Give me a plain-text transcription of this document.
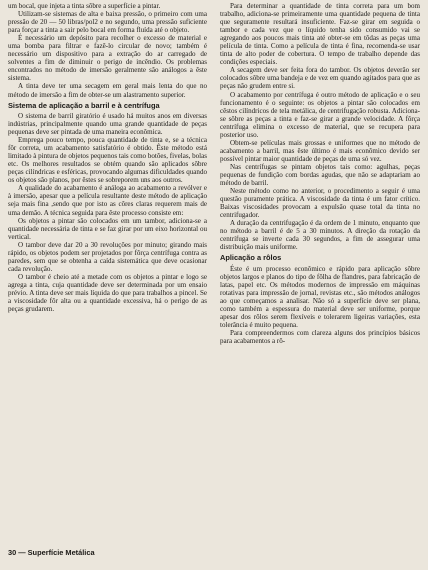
um bocal, que injeta a tinta sôbre a superfície a pintar.

Utilizam-se sistemas de alta e baixa pressão, o primeiro com uma pressão de 20 — 50 libras/pol2 e no segundo, uma pressão suficiente para forçar a tinta a sair pelo bocal em forma fluída até o objeto.

É necessário um depósito para recolher o excesso de material e uma bomba para filtrar e fazê-lo circular de novo; também é necessário um dispositivo para a extração do ar carregado de solventes a fim de diminuir o perigo de incêndio. Os problemas encontrados no método de imersão geralmente são análogos a êste sistema.

A tinta deve ter uma secagem em geral mais lenta do que no método de imersão a fim de obter-se um alastramento superior.

Sistema de aplicação a barril e à centrífuga

O sistema de barril giratório é usado há muitos anos em diversas indústrias, principalmente quando uma grande quantidade de peças pequenas deve ser pintada de uma maneira econômica.

Emprega pouco tempo, pouca quantidade de tinta e, se a técnica fôr correta, um acabamento satisfatório é obtido. Êste método está limitado à pintura de objetos pequenos tais como botões, fivelas, bolas etc. Os melhores resultados se obtém quando são aplicados sôbre peças cilíndricas e esféricas, provocando algumas dificuldades quando os objetos são planos, por êstes se sobreporem uns aos outros.

A qualidade do acabamento é análoga ao acabamento a revólver e à imersão, apesar que a película resultante deste método de aplicação seja mais fina ,sendo que por isto as côres claras requerem mais de uma demão. A técnica seguida para êste processo consiste em:

Os objetos a pintar são colocados em um tambor, adiciona-se a quantidade necessária de tinta e se faz girar por um eixo horizontal ou vertical.

O tambor deve dar 20 a 30 revoluções por minuto; girando mais rápido, os objetos podem ser projetados por fôrça centrífuga contra as paredes, sem que se obtenha a caída sistemática que deve ocasionar cada revolução.

O tambor é cheio até a metade com os objetos a pintar e logo se agrega a tinta, cuja quantidade deve ser determinada por um ensaio prévio. A tinta deve ser mais líquida do que para trabalhos a pincel. Se a viscosidade fôr alta ou a quantidade excessiva, há o perigo de as peças grudarem.

Para determinar a quantidade de tinta correta para um bom trabalho, adiciona-se primeiramente uma quantidade pequena de tinta que seguramente resultará insuficiente. Faz-se girar em seguida o tambor e cada vez que o líquido tenha sido consumido vai se agregando aos poucos mais tinta até obter-se em tôdas as peças uma película de tinta. Como a película de tinta é fina, recomenda-se usar tinta de alto poder de cobertura. O tempo de trabalho depende das condições especiais.

A secagem deve ser feita fora do tambor. Os objetos deverão ser colocados sôbre uma bandeja e de vez em quando agitados para que as peças não grudem entre si.

O acabamento por centrífuga é outro método de aplicação e o seu funcionamento é o seguinte: os objetos a pintar são colocados em cêstos cilíndricos de tela metálica, de centrifugação robusta. Adiciona-se sôbre as peças a tinta e faz-se girar a grande velocidade. A fôrça centrífuga elimina o excesso de material, que se recupera para posterior uso.

Obtem-se películas mais grossas e uniformes que no método de acabamento a barril, mas êste último é mais econômico devido ser possível pintar maior quantidade de peças de uma só vez.

Nas centrífugas se pintam objetos tais como: agulhas, peças pequenas de fundição com bordas agudas, que não se adaptariam ao método de barril.

Neste método como no anterior, o procedimento a seguir é uma questão puramente prática. A viscosidade da tinta é um fator crítico. Baixas viscosidades provocam a expulsão quase total da tinta no centrifugador.

A duração da centrifugação é da ordem de 1 minuto, enquanto que no método a barril é de 5 a 30 minutos. A direção da rotação da centrífuga se inverte cada 30 segundos, a fim de assegurar uma distribuição mais uniforme.

Aplicação a rôlos

Éste é um processo econômico e rápido para aplicação sôbre objetos largos e planos do tipo de fôlha de flandres, para fabricação de latas, papel etc. Os métodos modernos de impressão em máquinas rotativas para impressão de jornal, revistas etc., são métodos análogos ao que começamos a analisar. Não só a superfície deve ser plana, como também a espessura do material deve ser uniforme, porque apesar dos rôlos serem flexíveis e tolerarem ligeiras variações, esta tolerância é muito pequena.

Para compreendermos com clareza alguns dos princípios básicos para acabamentos a rô-

30 — Superfície Metálica
